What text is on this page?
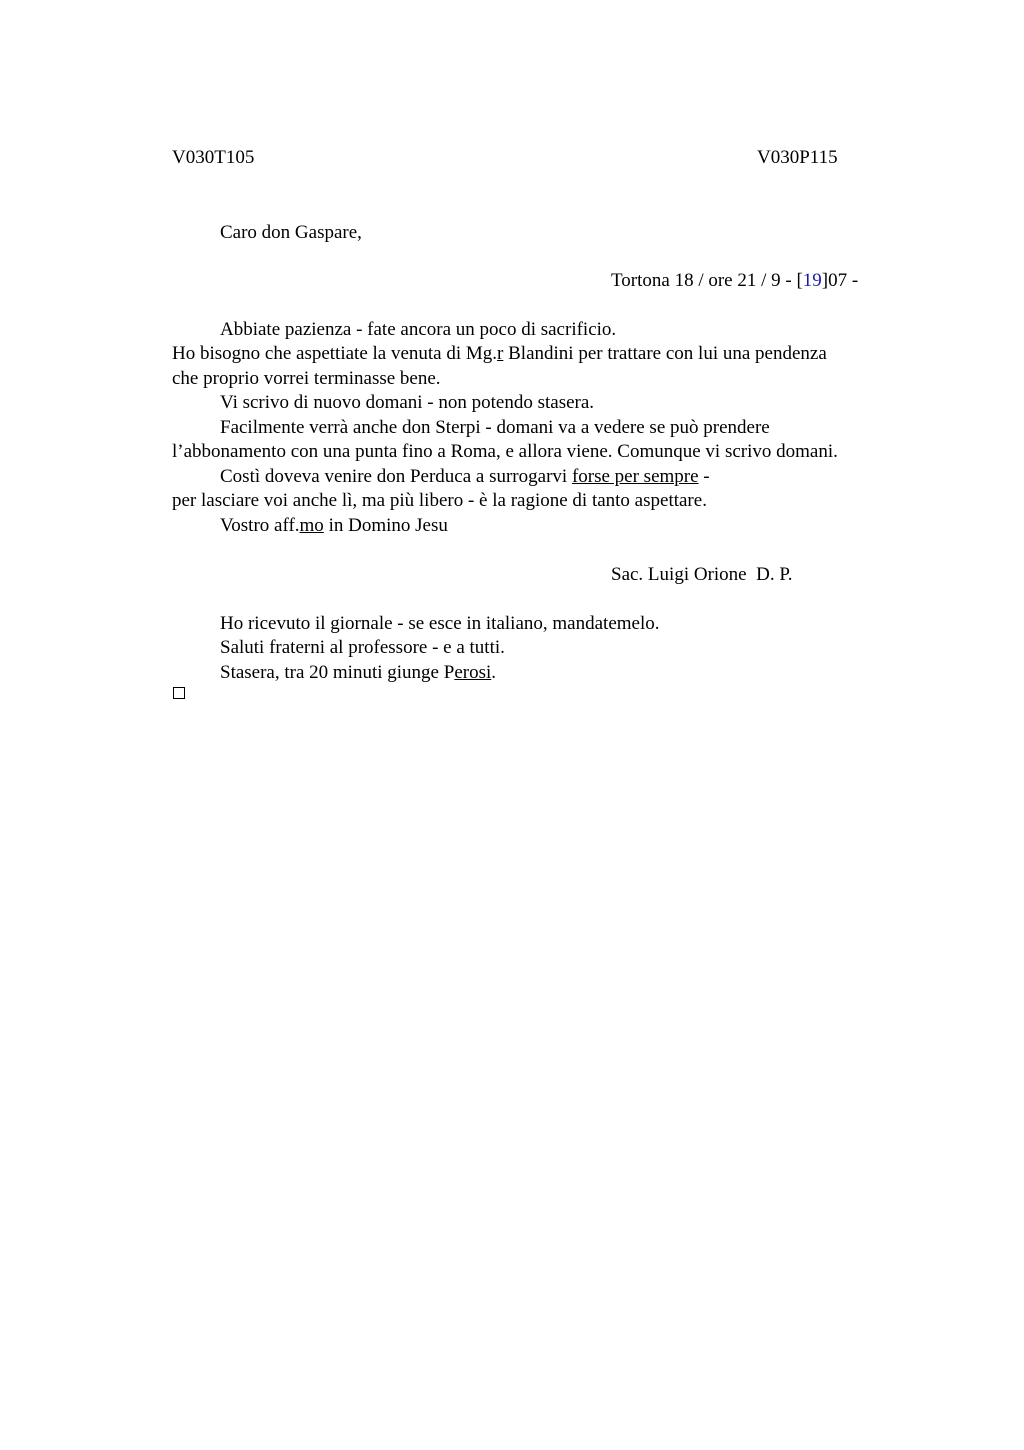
V030T105	V030P115
Caro don Gaspare,
Tortona 18 / ore 21 / 9 - [19]07 -
Abbiate pazienza - fate ancora un poco di sacrificio.
Ho bisogno che aspettiate la venuta di Mg.r Blandini per trattare con lui una pendenza
che proprio vorrei terminasse bene.
Vi scrivo di nuovo domani - non potendo stasera.
Facilmente verrà anche don Sterpi - domani va a vedere se può prendere
l’abbonamento con una punta fino a Roma, e allora viene. Comunque vi scrivo domani.
Costì doveva venire don Perduca a surrogarvi forse per sempre -
per lasciare voi anche lì, ma più libero - è la ragione di tanto aspettare.
Vostro aff.mo in Domino Jesu
Sac. Luigi Orione  D. P.
Ho ricevuto il giornale - se esce in italiano, mandatemelo.
Saluti fraterni al professore - e a tutti.
Stasera, tra 20 minuti giunge Perosi.
